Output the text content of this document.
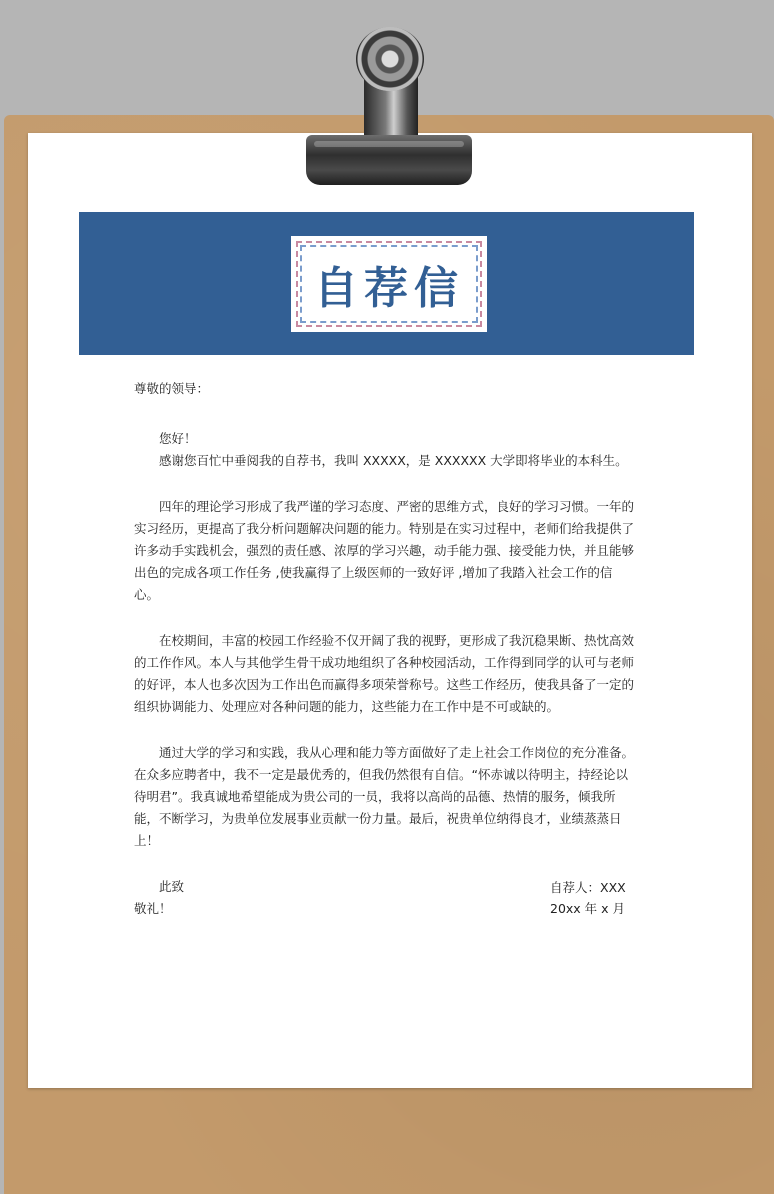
自荐信

尊敬的领导：

您好！

感谢您百忙中垂阅我的自荐书，我叫 XXXXX，是 XXXXXX 大学即将毕业的本科生。

四年的理论学习形成了我严谨的学习态度、严密的思维方式，良好的学习习惯。一年的实习经历，更提高了我分析问题解决问题的能力。特别是在实习过程中，老师们给我提供了许多动手实践机会，强烈的责任感、浓厚的学习兴趣，动手能力强、接受能力快，并且能够出色的完成各项工作任务 ,使我赢得了上级医师的一致好评 ,增加了我踏入社会工作的信心。

在校期间，丰富的校园工作经验不仅开阔了我的视野，更形成了我沉稳果断、热忱高效的工作作风。本人与其他学生骨干成功地组织了各种校园活动，工作得到同学的认可与老师的好评，本人也多次因为工作出色而赢得多项荣誉称号。这些工作经历，使我具备了一定的组织协调能力、处理应对各种问题的能力，这些能力在工作中是不可或缺的。

通过大学的学习和实践，我从心理和能力等方面做好了走上社会工作岗位的充分准备。在众多应聘者中，我不一定是最优秀的，但我仍然很有自信。“怀赤诚以待明主，持经论以待明君”。我真诚地希望能成为贵公司的一员，我将以高尚的品德、热情的服务，倾我所能，不断学习，为贵单位发展事业贡献一份力量。最后，祝贵单位纳得良才，业绩蒸蒸日上！

此致

敬礼！

自荐人：XXX
20xx 年 x 月
